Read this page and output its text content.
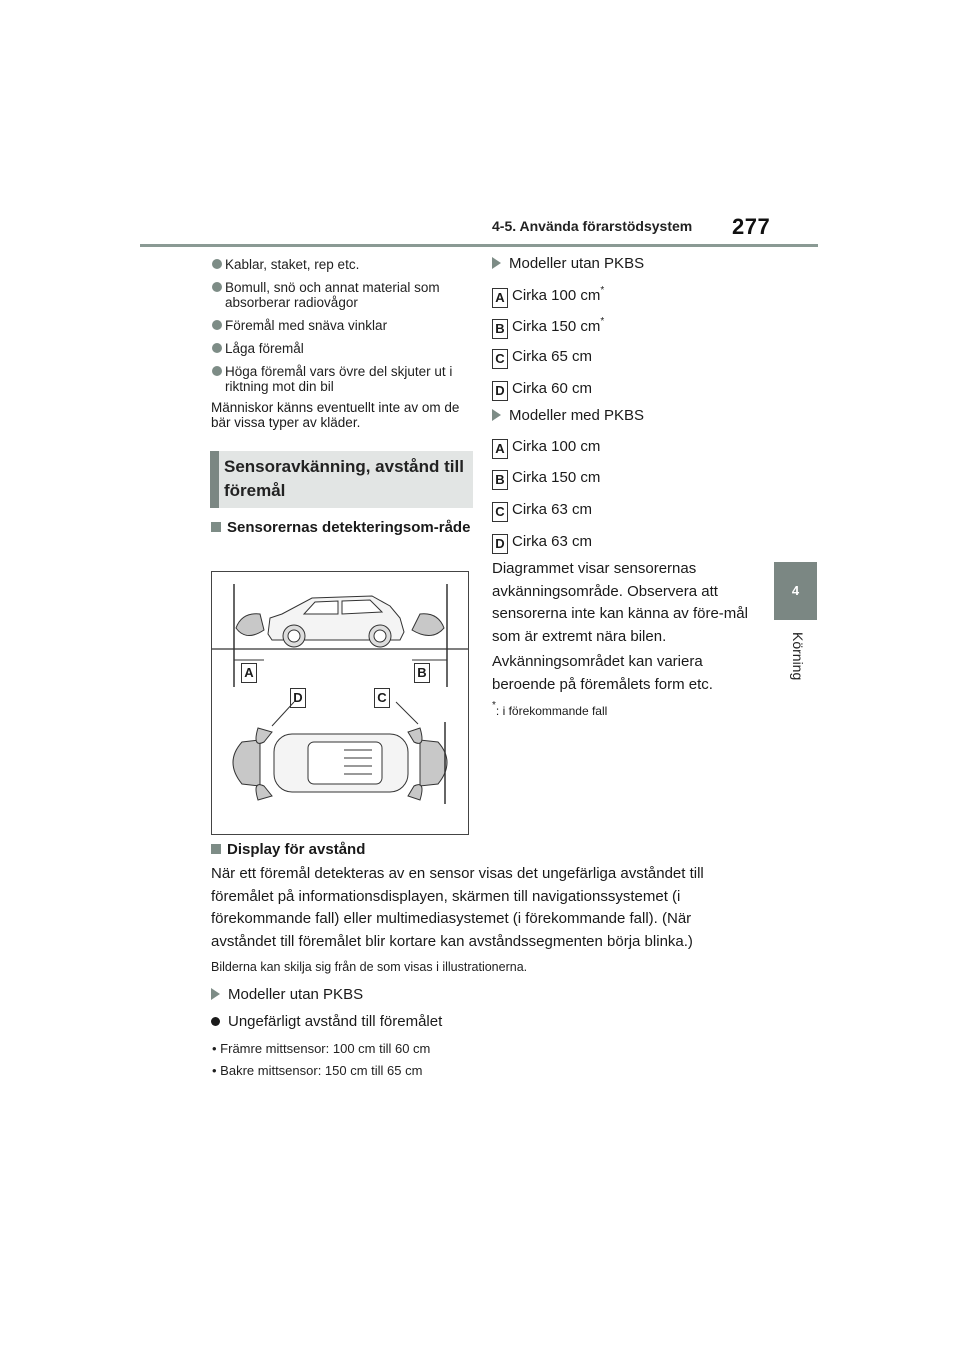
4-5. Använda förarstödsystem 277
4
Körning
Kablar, staket, rep etc.
Bomull, snö och annat material som absorberar radiovågor
Föremål med snäva vinklar
Låga föremål
Höga föremål vars övre del skjuter ut i riktning mot din bil
Människor känns eventuellt inte av om de bär vissa typer av kläder.
Sensoravkänning, avstånd till föremål
Sensorernas detekteringsom-råde
A	B
D	C
Modeller utan PKBS
A Cirka 100 cm*
B Cirka 150 cm*
C Cirka 65 cm
D Cirka 60 cm
Modeller med PKBS
A Cirka 100 cm
B Cirka 150 cm
C Cirka 63 cm
D Cirka 63 cm
Diagrammet visar sensorernas avkänningsområde. Observera att sensorerna inte kan känna av före-mål som är extremt nära bilen.
Avkänningsområdet kan variera beroende på föremålets form etc.
*: i förekommande fall
Display för avstånd
När ett föremål detekteras av en sensor visas det ungefärliga avståndet till föremålet på informationsdisplayen, skärmen till navigationssystemet (i förekommande fall) eller multimediasystemet (i förekommande fall). (När avståndet till föremålet blir kortare kan avståndssegmenten börja blinka.)
Bilderna kan skilja sig från de som visas i illustrationerna.
Modeller utan PKBS
Ungefärligt avstånd till föremålet
• Främre mittsensor: 100 cm till 60 cm
• Bakre mittsensor: 150 cm till 65 cm
